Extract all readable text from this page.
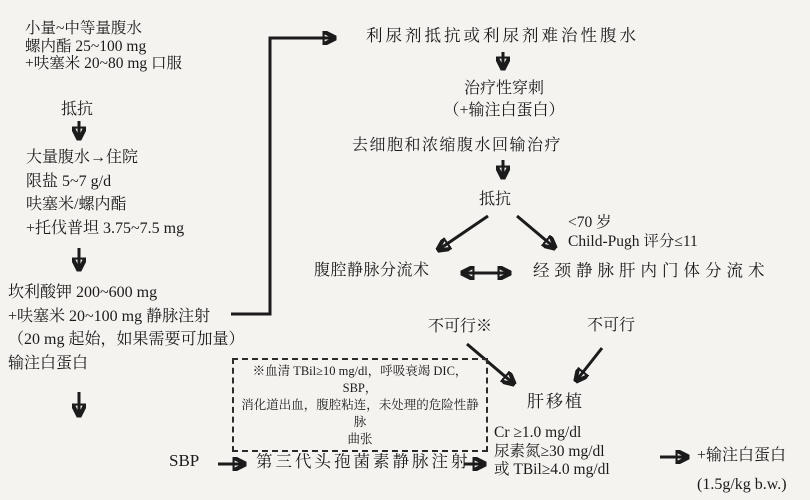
小量~中等量腹水
螺内酯 25~100 mg
+呋塞米 20~80 mg 口服
抵抗
大量腹水→住院
限盐 5~7 g/d
呋塞米/螺内酯
+托伐普坦 3.75~7.5 mg
坎利酸钾 200~600 mg
+呋塞米 20~100 mg 静脉注射
（20 mg 起始，如果需要可加量）
输注白蛋白
利尿剂抵抗或利尿剂难治性腹水
治疗性穿刺
（+输注白蛋白）
去细胞和浓缩腹水回输治疗
抵抗
腹腔静脉分流术
<70 岁
Child-Pugh 评分≤11
经颈静脉肝内门体分流术
不可行※	不可行
※血清 TBil≥10 mg/dl，呼吸衰竭 DIC，SBP，
消化道出血，腹腔粘连，未处理的危险性静脉
曲张
肝移植
Cr ≥1.0 mg/dl
尿素氮≥30 mg/dl
或 TBil≥4.0 mg/dl
SBP	第三代头孢菌素静脉注射	+输注白蛋白
(1.5g/kg b.w.)
